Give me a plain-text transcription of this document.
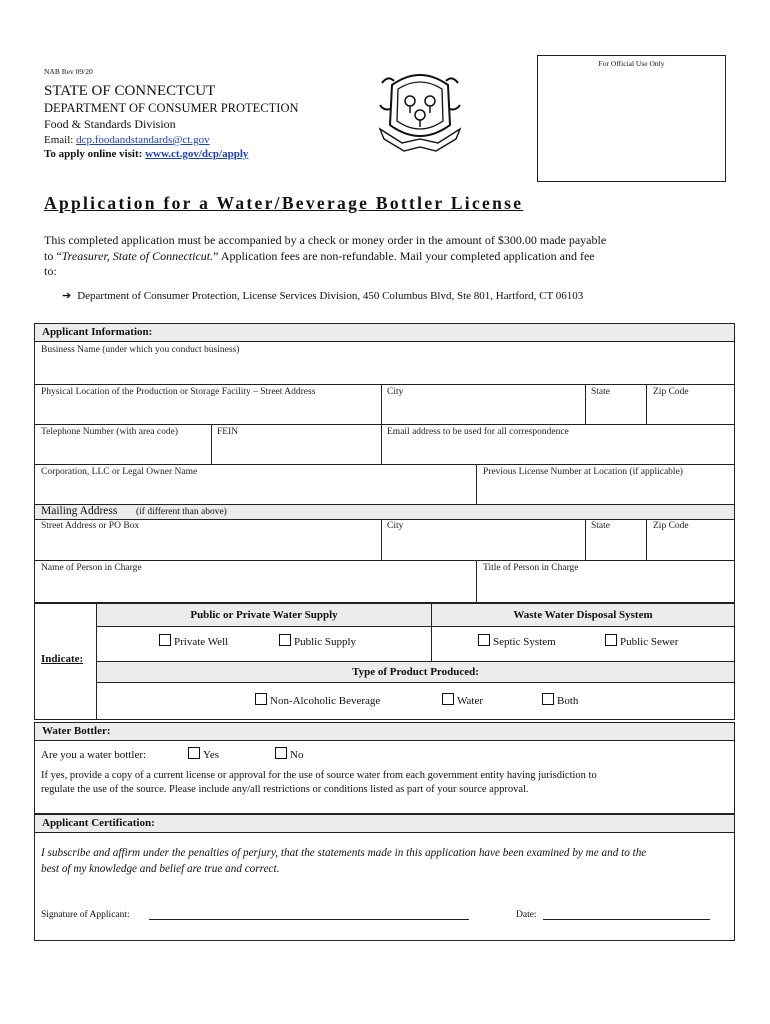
For Official Use Only
NAB Rev 09/20
STATE OF CONNECTCUT
DEPARTMENT OF CONSUMER PROTECTION
Food & Standards Division
Email: dcp.foodandstandards@ct.gov
To apply online visit: www.ct.gov/dcp/apply
Application for a Water/Beverage Bottler License
This completed application must be accompanied by a check or money order in the amount of $300.00 made payable
to “Treasurer, State of Connecticut.” Application fees are non-refundable. Mail your completed application and fee
to:
➔ Department of Consumer Protection, License Services Division, 450 Columbus Blvd, Ste 801, Hartford, CT 06103
Applicant Information:
Business Name (under which you conduct business)
Physical Location of the Production or Storage Facility – Street Address	City	State	Zip Code
Telephone Number (with area code)	FEIN	Email address to be used for all correspondence
Corporation, LLC or Legal Owner Name	Previous License Number at Location (if applicable)
Mailing Address (if different than above)
Street Address or PO Box	City	State	Zip Code
Name of Person in Charge	Title of Person in Charge
Indicate:
Public or Private Water Supply	Waste Water Disposal System
Private Well	Public Supply	Septic System	Public Sewer
Type of Product Produced:
Non-Alcoholic Beverage	Water	Both
Water Bottler:
Are you a water bottler:	Yes	No
If yes, provide a copy of a current license or approval for the use of source water from each government entity having jurisdiction to
regulate the use of the source. Please include any/all restrictions or conditions listed as part of your source approval.
Applicant Certification:
I subscribe and affirm under the penalties of perjury, that the statements made in this application have been examined by me and to the
best of my knowledge and belief are true and correct.
Signature of Applicant:	Date:
